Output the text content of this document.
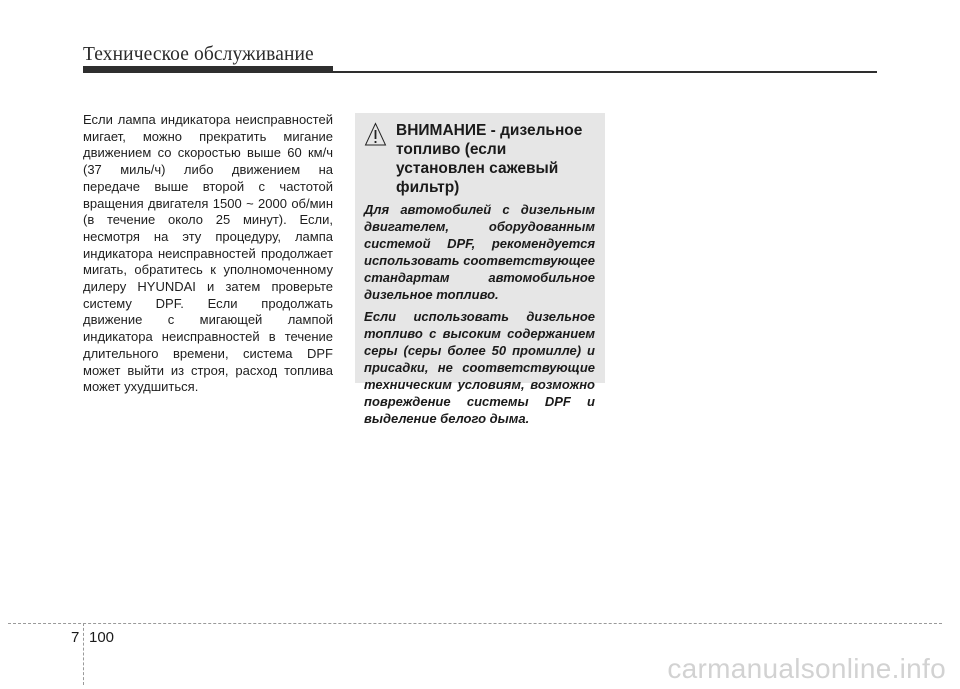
Техническое обслуживание
Если лампа индикатора неисправностей мигает, можно прекратить мигание движением со скоростью выше 60 км/ч (37 миль/ч) либо движением на передаче выше второй с частотой вращения двигателя 1500 ~ 2000 об/мин (в течение около 25 минут). Если, несмотря на эту процедуру, лампа индикатора неисправностей продолжает мигать, обратитесь к уполномоченному дилеру HYUNDAI и затем проверьте систему DPF. Если продолжать движение с мигающей лампой индикатора неисправностей в течение длительного времени, система DPF может выйти из строя, расход топлива может ухудшиться.
ВНИМАНИЕ - дизельное топливо (если установлен сажевый фильтр)
Для автомобилей с дизельным двигателем, оборудованным системой DPF, рекомендуется использовать соответствующее стандартам автомобильное дизельное топливо.
Если использовать дизельное топливо с высоким содержанием серы (серы более 50 промилле) и присадки, не соответствующие техническим условиям, возможно повреждение системы DPF и выделение белого дыма.
7 100
carmanualsonline.info
